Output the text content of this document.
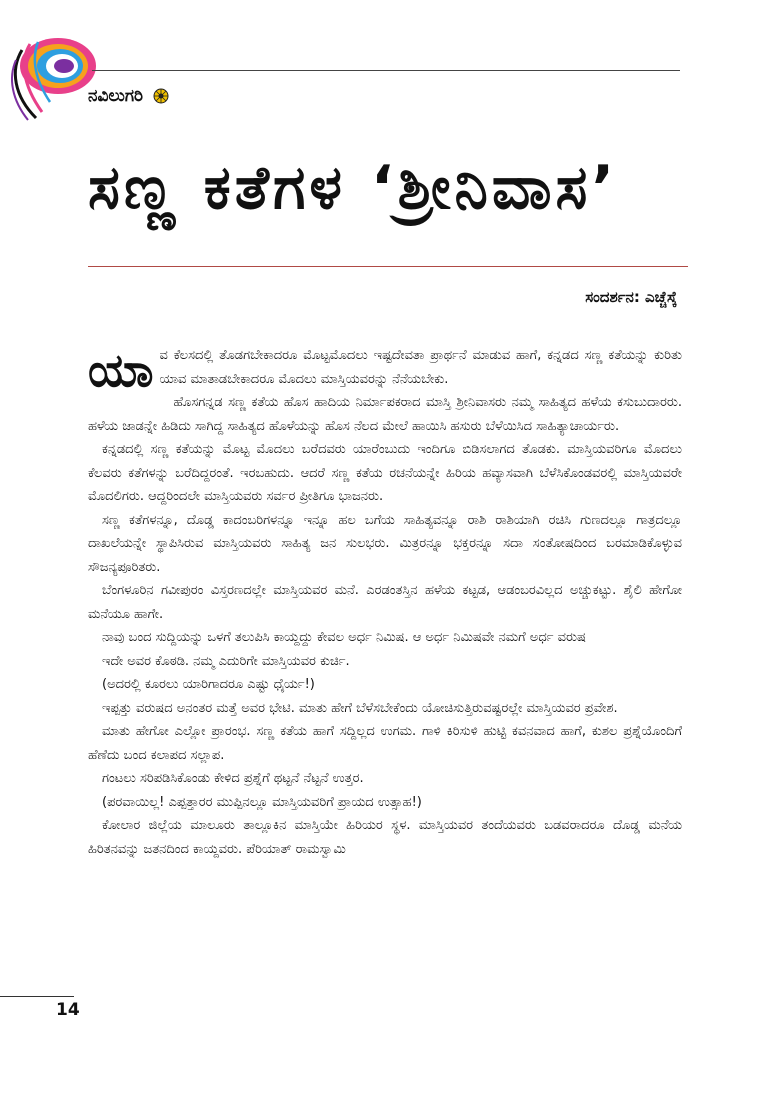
ನವಿಲುಗರಿ
ಸಣ್ಣ ಕತೆಗಳ ‘ಶ್ರೀನಿವಾಸ’
ಸಂದರ್ಶನ: ಎಚ್ಚೆಸ್ಕೆ

ಯಾವ ಕೆಲಸದಲ್ಲಿ ತೊಡಗಬೇಕಾದರೂ ಮೊಟ್ಟಮೊದಲು ಇಷ್ಟದೇವತಾ ಪ್ರಾರ್ಥನೆ ಮಾಡುವ ಹಾಗೆ, ಕನ್ನಡದ ಸಣ್ಣ ಕತೆಯನ್ನು ಕುರಿತು ಯಾವ ಮಾತಾಡಬೇಕಾದರೂ ಮೊದಲು ಮಾಸ್ತಿಯವರನ್ನು ನೆನೆಯಬೇಕು.

ಹೊಸಗನ್ನಡ ಸಣ್ಣ ಕತೆಯ ಹೊಸ ಹಾದಿಯ ನಿರ್ಮಾಪಕರಾದ ಮಾಸ್ತಿ ಶ್ರೀನಿವಾಸರು ನಮ್ಮ ಸಾಹಿತ್ಯದ ಹಳೆಯ ಕಸುಬುದಾರರು. ಹಳೆಯ ಜಾಡನ್ನೇ ಹಿಡಿದು ಸಾಗಿದ್ದ ಸಾಹಿತ್ಯದ ಹೊಳೆಯನ್ನು ಹೊಸ ನೆಲದ ಮೇಲೆ ಹಾಯಿಸಿ ಹಸುರು ಬೆಳೆಯಿಸಿದ ಸಾಹಿತ್ಯಾಚಾರ್ಯರು.

ಕನ್ನಡದಲ್ಲಿ ಸಣ್ಣ ಕತೆಯನ್ನು ಮೊಟ್ಟ ಮೊದಲು ಬರೆದವರು ಯಾರೆಂಬುದು ಇಂದಿಗೂ ಬಿಡಿಸಲಾಗದ ತೊಡಕು. ಮಾಸ್ತಿಯವರಿಗೂ ಮೊದಲು ಕೆಲವರು ಕತೆಗಳನ್ನು ಬರೆದಿದ್ದರಂತೆ. ಇರಬಹುದು. ಆದರೆ ಸಣ್ಣ ಕತೆಯ ರಚನೆಯನ್ನೇ ಹಿರಿಯ ಹವ್ಯಾಸವಾಗಿ ಬೆಳೆಸಿಕೊಂಡವರಲ್ಲಿ ಮಾಸ್ತಿಯವರೇ ಮೊದಲಿಗರು. ಆದ್ದರಿಂದಲೇ ಮಾಸ್ತಿಯವರು ಸರ್ವರ ಪ್ರೀತಿಗೂ ಭಾಜನರು.

ಸಣ್ಣ ಕತೆಗಳನ್ನೂ, ದೊಡ್ಡ ಕಾದಂಬರಿಗಳನ್ನೂ ಇನ್ನೂ ಹಲ ಬಗೆಯ ಸಾಹಿತ್ಯವನ್ನೂ ರಾಶಿ ರಾಶಿಯಾಗಿ ರಚಿಸಿ ಗುಣದಲ್ಲೂ ಗಾತ್ರದಲ್ಲೂ ದಾಖಲೆಯನ್ನೇ ಸ್ಥಾಪಿಸಿರುವ ಮಾಸ್ತಿಯವರು ಸಾಹಿತ್ಯ ಜನ ಸುಲಭರು. ಮಿತ್ರರನ್ನೂ ಭಕ್ತರನ್ನೂ ಸದಾ ಸಂತೋಷದಿಂದ ಬರಮಾಡಿಕೊಳ್ಳುವ ಸೌಜನ್ಯಪೂರಿತರು.

ಬೆಂಗಳೂರಿನ ಗವೀಪುರಂ ವಿಸ್ತರಣದಲ್ಲೇ ಮಾಸ್ತಿಯವರ ಮನೆ. ಎರಡಂತಸ್ತಿನ ಹಳೆಯ ಕಟ್ಟಡ, ಆಡಂಬರವಿಲ್ಲದ ಅಚ್ಚುಕಟ್ಟು. ಶೈಲಿ ಹೇಗೋ ಮನೆಯೂ ಹಾಗೇ.

ನಾವು ಬಂದ ಸುದ್ದಿಯನ್ನು ಒಳಗೆ ತಲುಪಿಸಿ ಕಾಯ್ದದ್ದು ಕೇವಲ ಅರ್ಧ ನಿಮಿಷ. ಆ ಅರ್ಧ ನಿಮಿಷವೇ ನಮಗೆ ಅರ್ಧ ವರುಷ

ಇದೇ ಅವರ ಕೊಠಡಿ. ನಮ್ಮ ಎದುರಿಗೇ ಮಾಸ್ತಿಯವರ ಕುರ್ಚಿ.

(ಅದರಲ್ಲಿ ಕೂರಲು ಯಾರಿಗಾದರೂ ಎಷ್ಟು ಧೈರ್ಯ!)

ಇಪ್ಪತ್ತು ವರುಷದ ಅನಂತರ ಮತ್ತೆ ಅವರ ಭೇಟಿ. ಮಾತು ಹೇಗೆ ಬೆಳೆಸಬೇಕೆಂದು ಯೋಚಿಸುತ್ತಿರುವಷ್ಟರಲ್ಲೇ ಮಾಸ್ತಿಯವರ ಪ್ರವೇಶ.

ಮಾತು ಹೇಗೋ ಎಲ್ಲೋ ಪ್ರಾರಂಭ. ಸಣ್ಣ ಕತೆಯ ಹಾಗೆ ಸದ್ದಿಲ್ಲದ ಉಗಮ. ಗಾಳಿ ಕಿರಿಸುಳಿ ಹುಟ್ಟಿ ಕವನವಾದ ಹಾಗೆ, ಕುಶಲ ಪ್ರಶ್ನೆಯೊಂದಿಗೆ ಹೆಣೆದು ಬಂದ ಕಲಾಪದ ಸಲ್ಲಾಪ.

ಗಂಟಲು ಸರಿಪಡಿಸಿಕೊಂಡು ಕೇಳಿದ ಪ್ರಶ್ನೆಗೆ ಥಟ್ಟನೆ ನೆಟ್ಟನೆ ಉತ್ತರ.

(ಪರವಾಯಿಲ್ಲ! ಎಪ್ಪತ್ತಾರರ ಮುಪ್ಪಿನಲ್ಲೂ ಮಾಸ್ತಿಯವರಿಗೆ ಪ್ರಾಯದ ಉತ್ಸಾಹ!)

ಕೋಲಾರ ಜಿಲ್ಲೆಯ ಮಾಲೂರು ತಾಲ್ಲೂಕಿನ ಮಾಸ್ತಿಯೇ ಹಿರಿಯರ ಸ್ಥಳ. ಮಾಸ್ತಿಯವರ ತಂದೆಯವರು ಬಡವರಾದರೂ ದೊಡ್ಡ ಮನೆಯ ಹಿರಿತನವನ್ನು ಜತನದಿಂದ ಕಾಯ್ದವರು. ಪೆರಿಯಾತ್ ರಾಮಸ್ವಾಮಿ

14
